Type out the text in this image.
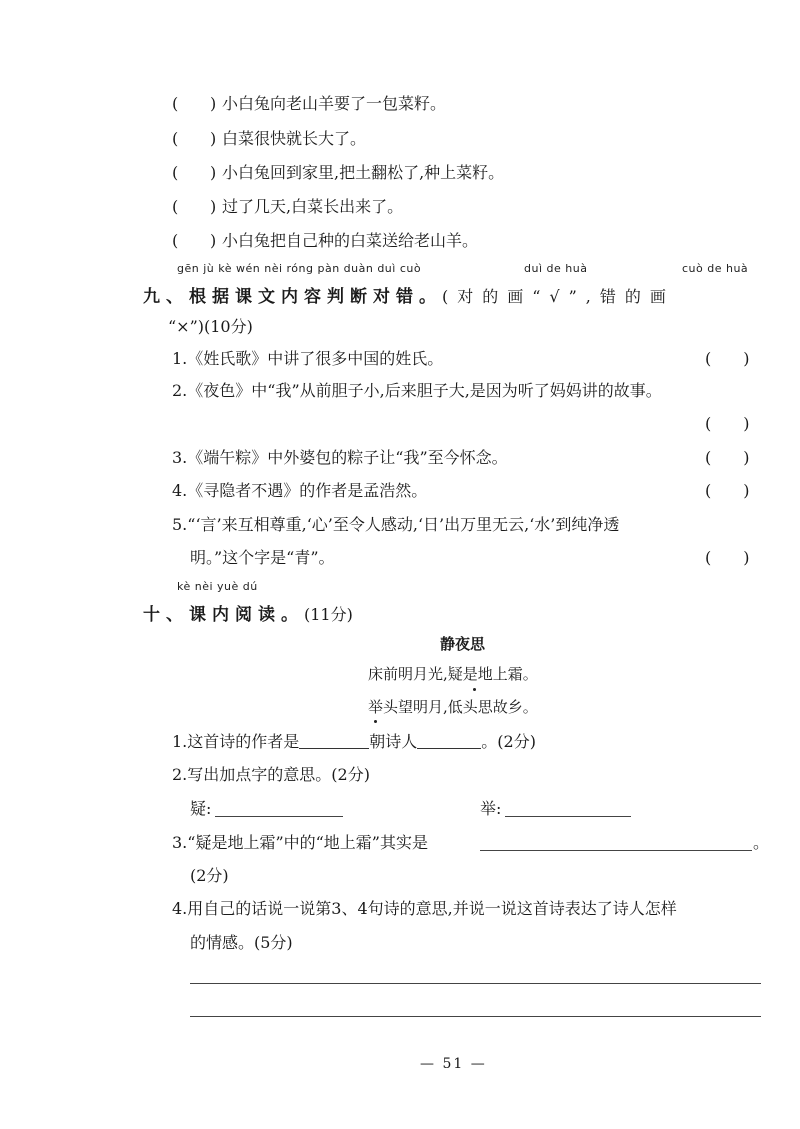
(	) 小白兔向老山羊要了一包菜籽。
(	) 白菜很快就长大了。
(	) 小白兔回到家里,把土翻松了,种上菜籽。
(	) 过了几天,白菜长出来了。
(	) 小白兔把自己种的白菜送给老山羊。
gēn jù kè wén nèi róng pàn duàn duì cuò	duì de huà	cuò de huà
九、根据课文内容判断对错。(对的画“√”,错的画
“×”)(10分)
1.《姓氏歌》中讲了很多中国的姓氏。	(　　)
2.《夜色》中“我”从前胆子小,后来胆子大,是因为听了妈妈讲的故事。
(　　)
3.《端午粽》中外婆包的粽子让“我”至今怀念。	(　　)
4.《寻隐者不遇》的作者是孟浩然。	(　　)
5.“‘言’来互相尊重,‘心’至令人感动,‘日’出万里无云,‘水’到纯净透
明。”这个字是“青”。	(　　)
kè nèi yuè dú
十、课内阅读。(11分)
静夜思
床前明月光,疑是地上霜。
举头望明月,低头思故乡。
1.这首诗的作者是	朝诗人	。(2分)
2.写出加点字的意思。(2分)
疑:	举:
3.“疑是地上霜”中的“地上霜”其实是	。
(2分)
4.用自己的话说一说第3、4句诗的意思,并说一说这首诗表达了诗人怎样
的情感。(5分)
— 51 —
